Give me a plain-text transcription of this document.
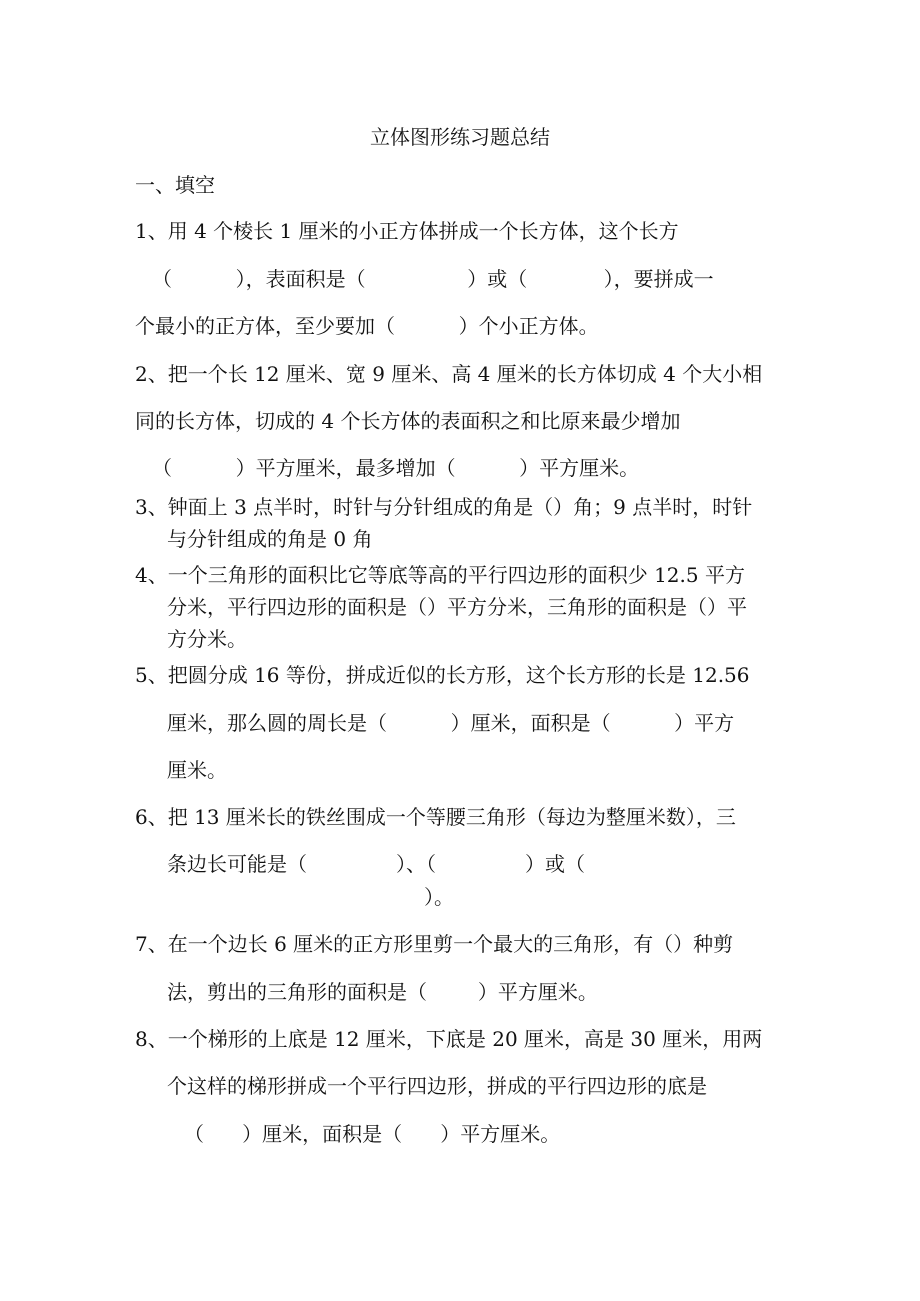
立体图形练习题总结
一、填空
1、用 4 个棱长 1 厘米的小正方体拼成一个长方体，这个长方
（          ），表面积是（                ）或（            ），要拼成一
个最小的正方体，至少要加（          ）个小正方体。
2、把一个长 12 厘米、宽 9 厘米、高 4 厘米的长方体切成 4 个大小相
同的长方体，切成的 4 个长方体的表面积之和比原来最少增加
（          ）平方厘米，最多增加（          ）平方厘米。
3、钟面上 3 点半时，时针与分针组成的角是（）角；9 点半时，时针
与分针组成的角是 0 角
4、一个三角形的面积比它等底等高的平行四边形的面积少 12.5 平方
分米，平行四边形的面积是（）平方分米，三角形的面积是（）平
方分米。
5、把圆分成 16 等份，拼成近似的长方形，这个长方形的长是 12.56
厘米，那么圆的周长是（          ）厘米，面积是（          ）平方
厘米。
6、把 13 厘米长的铁丝围成一个等腰三角形（每边为整厘米数），三
条边长可能是（              ）、（              ）或（
）。
7、在一个边长 6 厘米的正方形里剪一个最大的三角形，有（）种剪
法，剪出的三角形的面积是（        ）平方厘米。
8、一个梯形的上底是 12 厘米，下底是 20 厘米，高是 30 厘米，用两
个这样的梯形拼成一个平行四边形，拼成的平行四边形的底是
（      ）厘米，面积是（      ）平方厘米。
